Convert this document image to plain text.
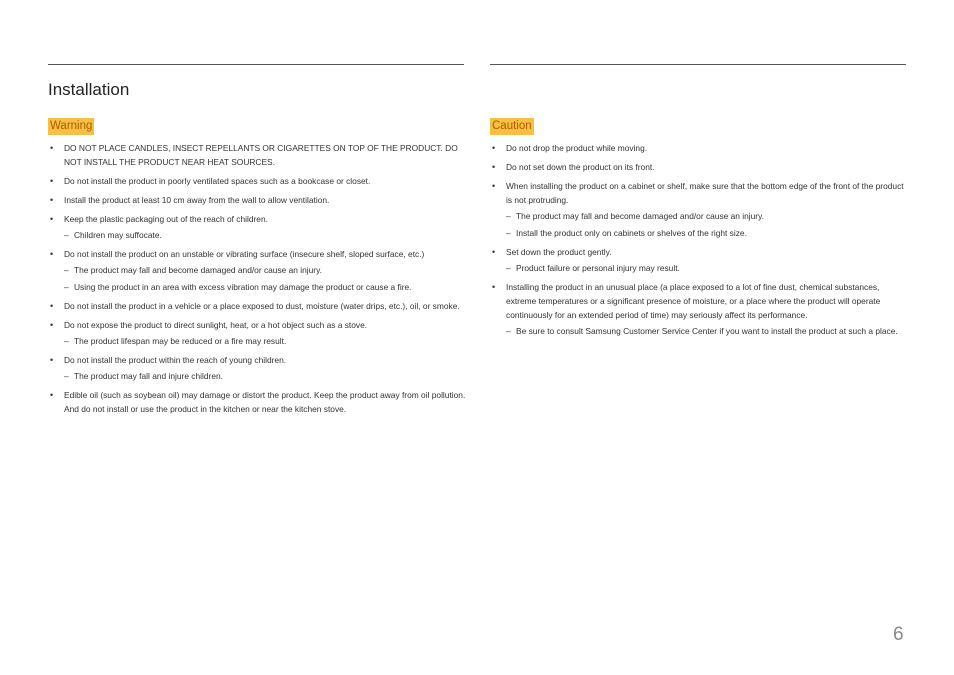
Installation
Warning	Caution
• DO NOT PLACE CANDLES, INSECT REPELLANTS OR CIGARETTES ON TOP OF THE PRODUCT. DO NOT INSTALL THE PRODUCT NEAR HEAT SOURCES.
• Do not install the product in poorly ventilated spaces such as a bookcase or closet.
• Install the product at least 10 cm away from the wall to allow ventilation.
• Keep the plastic packaging out of the reach of children.
– Children may suffocate.
• Do not install the product on an unstable or vibrating surface (insecure shelf, sloped surface, etc.)
– The product may fall and become damaged and/or cause an injury.
– Using the product in an area with excess vibration may damage the product or cause a fire.
• Do not install the product in a vehicle or a place exposed to dust, moisture (water drips, etc.), oil, or smoke.
• Do not expose the product to direct sunlight, heat, or a hot object such as a stove.
– The product lifespan may be reduced or a fire may result.
• Do not install the product within the reach of young children.
– The product may fall and injure children.
• Edible oil (such as soybean oil) may damage or distort the product. Keep the product away from oil pollution. And do not install or use the product in the kitchen or near the kitchen stove.
• Do not drop the product while moving.
• Do not set down the product on its front.
• When installing the product on a cabinet or shelf, make sure that the bottom edge of the front of the product is not protruding.
– The product may fall and become damaged and/or cause an injury.
– Install the product only on cabinets or shelves of the right size.
• Set down the product gently.
– Product failure or personal injury may result.
• Installing the product in an unusual place (a place exposed to a lot of fine dust, chemical substances, extreme temperatures or a significant presence of moisture, or a place where the product will operate continuously for an extended period of time) may seriously affect its performance.
– Be sure to consult Samsung Customer Service Center if you want to install the product at such a place.
6
